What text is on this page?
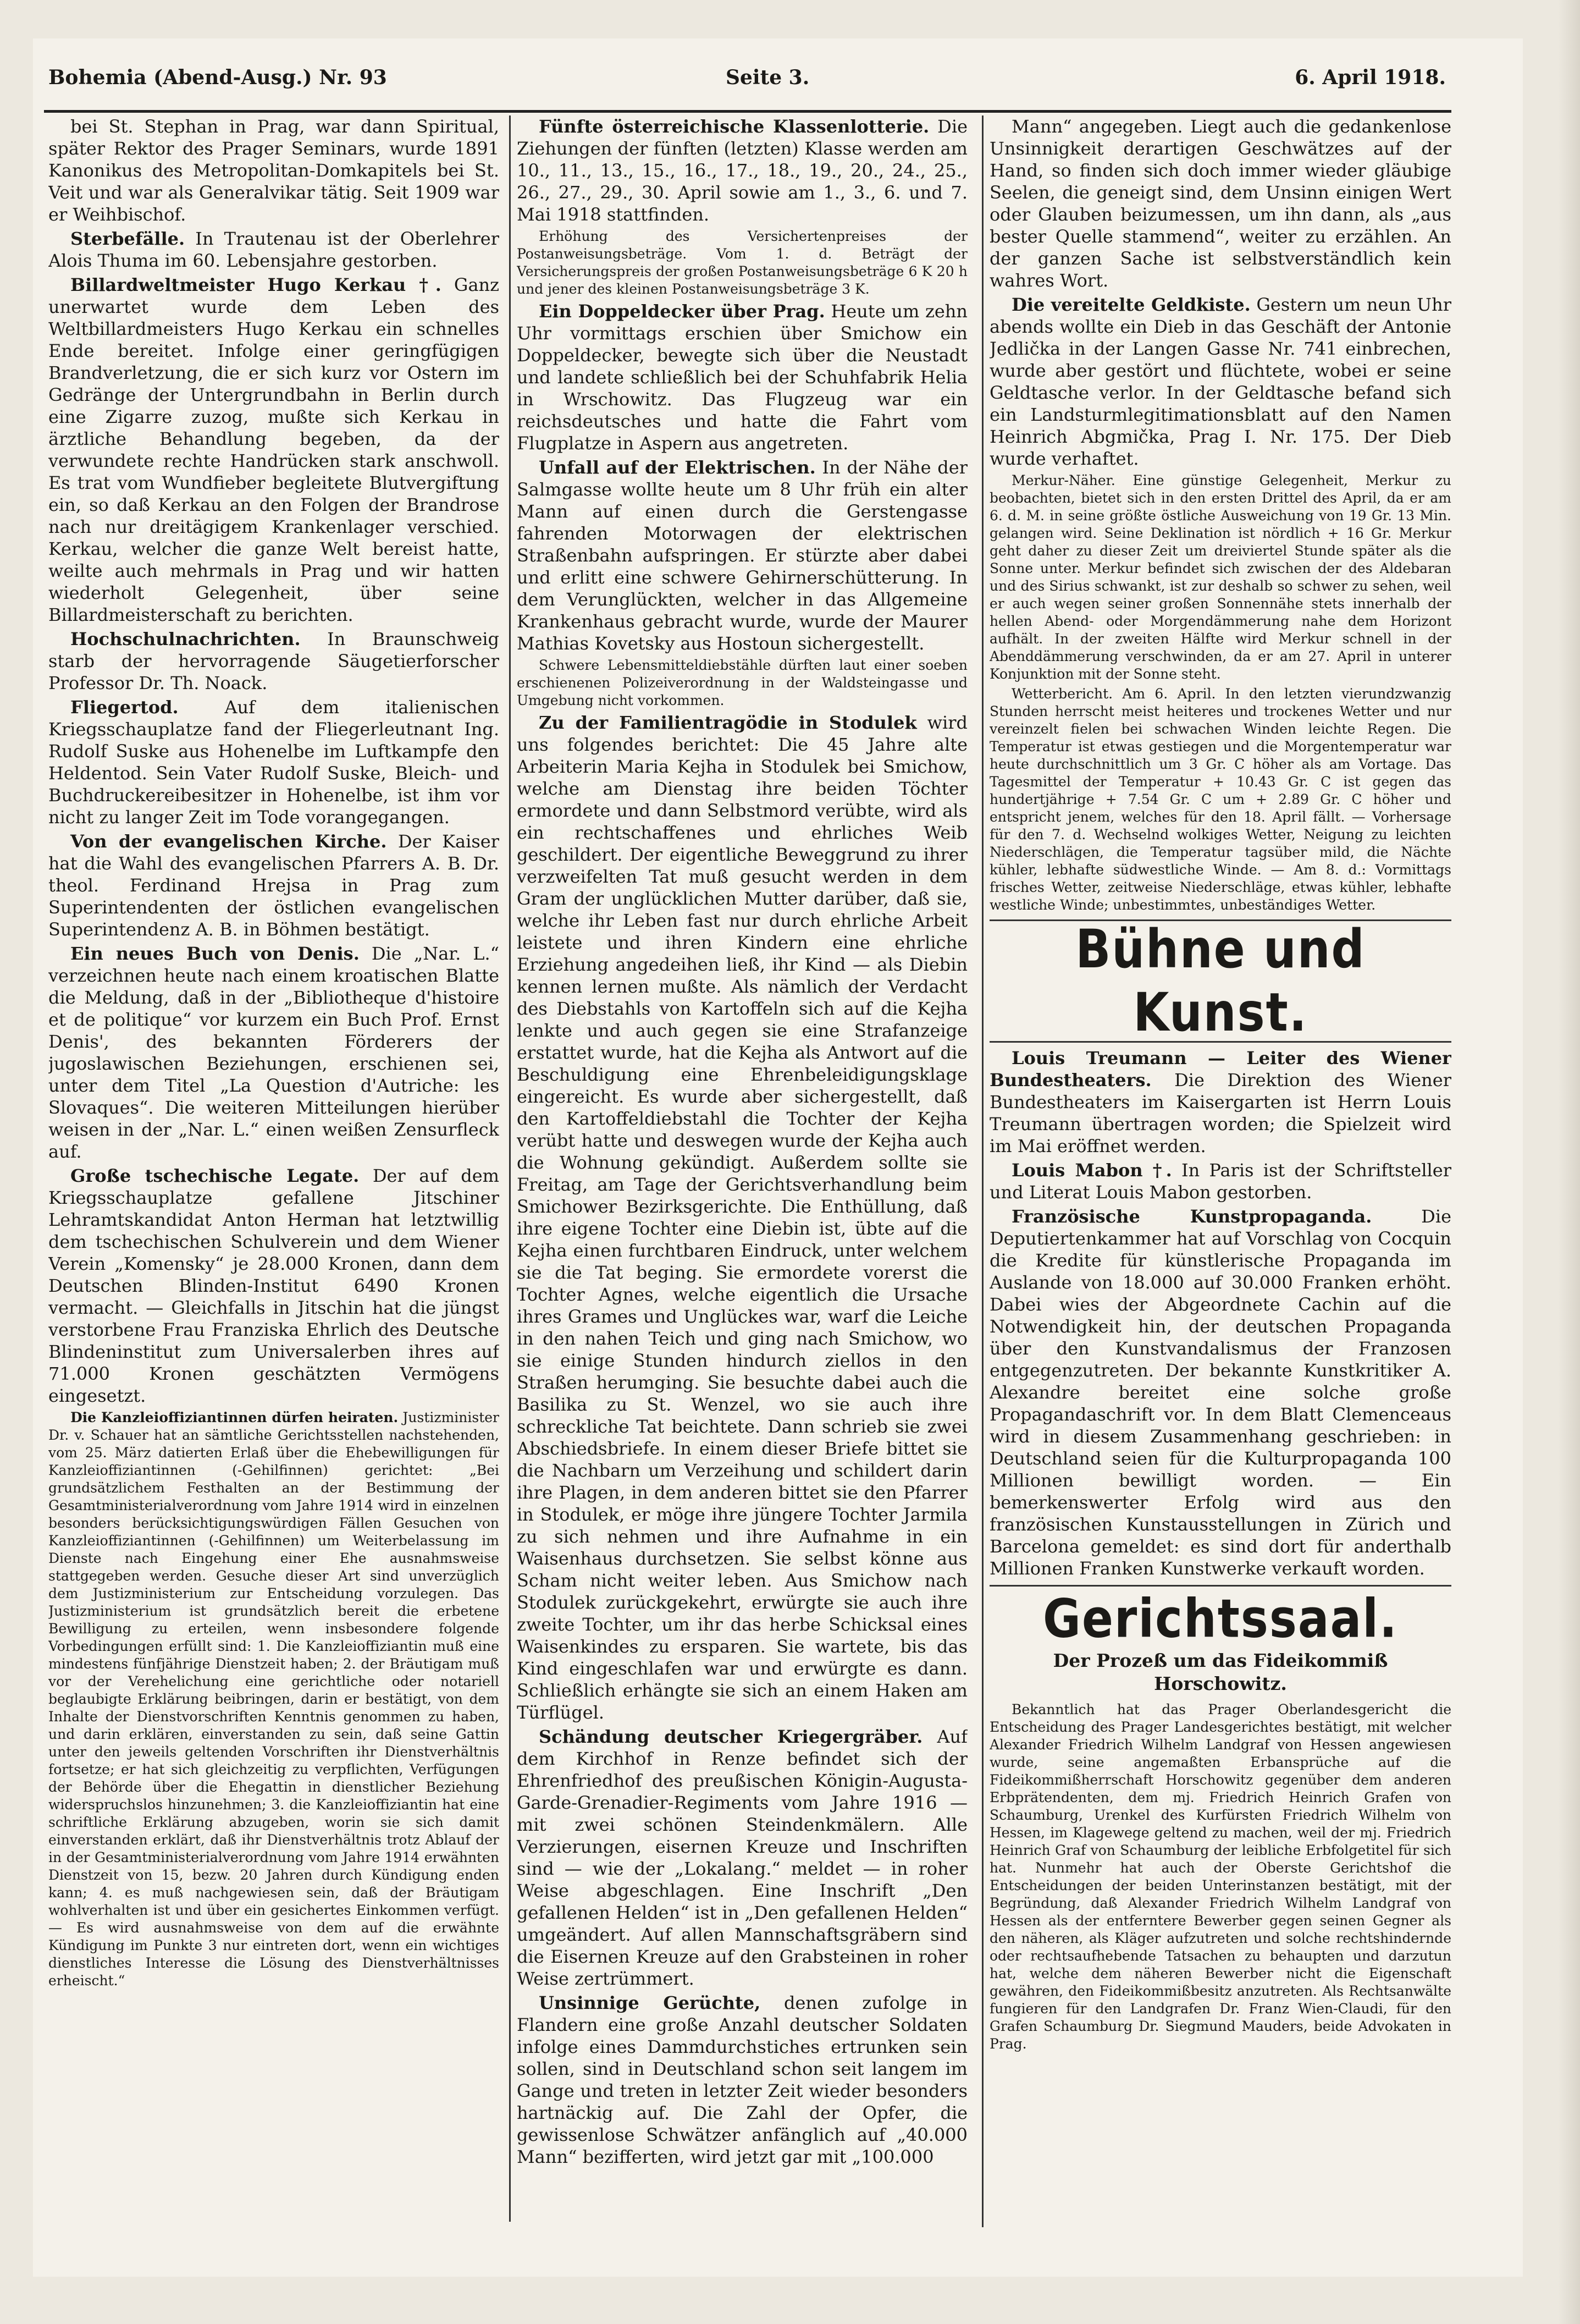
Bohemia (Abend-Ausg.) Nr. 93	Seite 3.	6. April 1918.

bei St. Stephan in Prag, war dann Spiritual, später Rektor des Prager Seminars, wurde 1891 Kanonikus des Metropolitan-Domkapitels bei St. Veit und war als Generalvikar tätig. Seit 1909 war er Weihbischof.

Sterbefälle. In Trautenau ist der Oberlehrer Alois Thuma im 60. Lebensjahre gestorben.

Billardweltmeister Hugo Kerkau †. Ganz unerwartet wurde dem Leben des Weltbillardmeisters Hugo Kerkau ein schnelles Ende bereitet. Infolge einer geringfügigen Brandverletzung, die er sich kurz vor Ostern im Gedränge der Untergrundbahn in Berlin durch eine Zigarre zuzog, mußte sich Kerkau in ärztliche Behandlung begeben, da der verwundete rechte Handrücken stark anschwoll. Es trat vom Wundfieber begleitete Blutvergiftung ein, so daß Kerkau an den Folgen der Brandrose nach nur dreitägigem Krankenlager verschied. Kerkau, welcher die ganze Welt bereist hatte, weilte auch mehrmals in Prag und wir hatten wiederholt Gelegenheit, über seine Billardmeisterschaft zu berichten.

Hochschulnachrichten. In Braunschweig starb der hervorragende Säugetierforscher Professor Dr. Th. Noack.

Fliegertod.	Auf dem italienischen Kriegsschauplatze fand der Fliegerleutnant Ing. Rudolf Suske aus Hohenelbe im Luftkampfe den Heldentod. Sein Vater Rudolf Suske, Bleich- und Buchdruckereibesitzer in Hohenelbe, ist ihm vor nicht zu langer Zeit im Tode vorangegangen.

Von der evangelischen Kirche. Der Kaiser hat die Wahl des evangelischen Pfarrers A. B. Dr. theol. Ferdinand Hrejsa in Prag zum Superintendenten der östlichen evangelischen Superintendenz A. B. in Böhmen bestätigt.

Ein neues Buch von Denis. Die „Nar. L.“ verzeichnen heute nach einem kroatischen Blatte die Meldung, daß in der „Bibliotheque d'histoire et de politique“ vor kurzem ein Buch Prof. Ernst Denis', des bekannten Förderers der jugoslawischen Beziehungen, erschienen sei, unter dem Titel „La Question d'Autriche: les Slovaques“. Die weiteren Mitteilungen hierüber weisen in der „Nar. L.“ einen weißen Zensurfleck auf.

Große tschechische Legate. Der auf dem Kriegsschauplatze gefallene Jitschiner Lehramtskandidat Anton Herman hat letztwillig dem tschechischen Schulverein und dem Wiener Verein „Komensky“ je 28.000 Kronen, dann dem Deutschen Blinden-Institut 6490 Kronen vermacht. — Gleichfalls in Jitschin hat die jüngst verstorbene Frau Franziska Ehrlich des Deutsche Blindeninstitut zum Universalerben ihres auf 71.000 Kronen geschätzten Vermögens eingesetzt.

Die Kanzleioffiziantinnen dürfen heiraten. Justizminister Dr. v. Schauer hat an sämtliche Gerichtsstellen nachstehenden, vom 25. März datierten Erlaß über die Ehebewilligungen für Kanzleioffiziantinnen (-Gehilfinnen) gerichtet: „Bei grundsätzlichem Festhalten an der Bestimmung der Gesamtministerialverordnung vom Jahre 1914 wird in einzelnen besonders berücksichtigungswürdigen Fällen Gesuchen von Kanzleioffiziantinnen (-Gehilfinnen) um Weiterbelassung im Dienste nach Eingehung einer Ehe ausnahmsweise stattgegeben werden. Gesuche dieser Art sind unverzüglich dem Justizministerium zur Entscheidung vorzulegen. Das Justizministerium ist grundsätzlich bereit die erbetene Bewilligung zu erteilen, wenn insbesondere folgende Vorbedingungen erfüllt sind: 1. Die Kanzleioffiziantin muß eine mindestens fünfjährige Dienstzeit haben; 2. der Bräutigam muß vor der Verehelichung eine gerichtliche oder notariell beglaubigte Erklärung beibringen, darin er bestätigt, von dem Inhalte der Dienstvorschriften Kenntnis genommen zu haben, und darin erklären, einverstanden zu sein, daß seine Gattin unter den jeweils geltenden Vorschriften ihr Dienstverhältnis fortsetze; er hat sich gleichzeitig zu verpflichten, Verfügungen der Behörde über die Ehegattin in dienstlicher Beziehung widerspruchslos hinzunehmen; 3. die Kanzleioffiziantin hat eine schriftliche Erklärung abzugeben, worin sie sich damit einverstanden erklärt, daß ihr Dienstverhältnis trotz Ablauf der in der Gesamtministerialverordnung vom Jahre 1914 erwähnten Dienstzeit von 15, bezw. 20 Jahren durch Kündigung enden kann; 4. es muß nachgewiesen sein, daß der Bräutigam wohlverhalten ist und über ein gesichertes Einkommen verfügt. — Es wird ausnahmsweise von dem auf die erwähnte Kündigung im Punkte 3 nur eintreten dort, wenn ein wichtiges dienstliches Interesse die Lösung des Dienstverhältnisses erheischt.“

Fünfte österreichische Klassenlotterie. Die Ziehungen der fünften (letzten) Klasse werden am 10., 11., 13., 15., 16., 17., 18., 19., 20., 24., 25., 26., 27., 29., 30. April sowie am 1., 3., 6. und 7. Mai 1918 stattfinden.

Erhöhung des Versichertenpreises der Postanweisungsbeträge. Vom 1. d. Beträgt der Versicherungspreis der großen Postanweisungsbeträge 6 K 20 h und jener des kleinen Postanweisungsbeträge 3 K.

Ein Doppeldecker über Prag. Heute um zehn Uhr vormittags erschien über Smichow ein Doppeldecker, bewegte sich über die Neustadt und landete schließlich bei der Schuhfabrik Helia in Wrschowitz. Das Flugzeug war ein reichsdeutsches und hatte die Fahrt vom Flugplatze in Aspern aus angetreten.

Unfall auf der Elektrischen. In der Nähe der Salmgasse wollte heute um 8 Uhr früh ein alter Mann auf einen durch die Gerstengasse fahrenden Motorwagen der elektrischen Straßenbahn aufspringen. Er stürzte aber dabei und erlitt eine schwere Gehirnerschütterung. In dem Verunglückten, welcher in das Allgemeine Krankenhaus gebracht wurde, wurde der Maurer Mathias Kovetsky aus Hostoun sichergestellt.

Schwere Lebensmitteldiebstähle dürften laut einer soeben erschienenen Polizeiverordnung in der Waldsteingasse und Umgebung nicht vorkommen.

Zu der Familientragödie in Stodulek wird uns folgendes berichtet: Die 45 Jahre alte Arbeiterin Maria Kejha in Stodulek bei Smichow, welche am Dienstag ihre beiden Töchter ermordete und dann Selbstmord verübte, wird als ein rechtschaffenes und ehrliches Weib geschildert. Der eigentliche Beweggrund zu ihrer verzweifelten Tat muß gesucht werden in dem Gram der unglücklichen Mutter darüber, daß sie, welche ihr Leben fast nur durch ehrliche Arbeit leistete und ihren Kindern eine ehrliche Erziehung angedeihen ließ, ihr Kind — als Diebin kennen lernen mußte. Als nämlich der Verdacht des Diebstahls von Kartoffeln sich auf die Kejha lenkte und auch gegen sie eine Strafanzeige erstattet wurde, hat die Kejha als Antwort auf die Beschuldigung eine Ehrenbeleidigungsklage eingereicht. Es wurde aber sichergestellt, daß den Kartoffeldiebstahl die Tochter der Kejha verübt hatte und deswegen wurde der Kejha auch die Wohnung gekündigt. Außerdem sollte sie Freitag, am Tage der Gerichtsverhandlung beim Smichower Bezirksgerichte. Die Enthüllung, daß ihre eigene Tochter eine Diebin ist, übte auf die Kejha einen furchtbaren Eindruck, unter welchem sie die Tat beging. Sie ermordete vorerst die Tochter Agnes, welche eigentlich die Ursache ihres Grames und Unglückes war, warf die Leiche in den nahen Teich und ging nach Smichow, wo sie einige Stunden hindurch ziellos in den Straßen herumging. Sie besuchte dabei auch die Basilika zu St. Wenzel, wo sie auch ihre schreckliche Tat beichtete. Dann schrieb sie zwei Abschiedsbriefe. In einem dieser Briefe bittet sie die Nachbarn um Verzeihung und schildert darin ihre Plagen, in dem anderen bittet sie den Pfarrer in Stodulek, er möge ihre jüngere Tochter Jarmila zu sich nehmen und ihre Aufnahme in ein Waisenhaus durchsetzen. Sie selbst könne aus Scham nicht weiter leben. Aus Smichow nach Stodulek zurückgekehrt, erwürgte sie auch ihre zweite Tochter, um ihr das herbe Schicksal eines Waisenkindes zu ersparen. Sie wartete, bis das Kind eingeschlafen war und erwürgte es dann. Schließlich erhängte sie sich an einem Haken am Türflügel.

Schändung deutscher Kriegergräber. Auf dem Kirchhof in Renze befindet sich der Ehrenfriedhof des preußischen Königin-Augusta-Garde-Grenadier-Regiments vom Jahre 1916 — mit zwei schönen Steindenkmälern. Alle Verzierungen, eisernen Kreuze und Inschriften sind — wie der „Lokalang.“ meldet — in roher Weise abgeschlagen. Eine Inschrift „Den gefallenen Helden“ ist in „Den gefallenen Helden“ umgeändert. Auf allen Mannschaftsgräbern sind die Eisernen Kreuze auf den Grabsteinen in roher Weise zertrümmert.

Unsinnige Gerüchte, denen zufolge in Flandern eine große Anzahl deutscher Soldaten infolge eines Dammdurchstiches ertrunken sein sollen, sind in Deutschland schon seit langem im Gange und treten in letzter Zeit wieder besonders hartnäckig auf. Die Zahl der Opfer, die gewissenlose Schwätzer anfänglich auf „40.000 Mann“ bezifferten, wird jetzt gar mit „100.000

Mann“ angegeben. Liegt auch die gedankenlose Unsinnigkeit derartigen Geschwätzes auf der Hand, so finden sich doch immer wieder gläubige Seelen, die geneigt sind, dem Unsinn einigen Wert oder Glauben beizumessen, um ihn dann, als „aus bester Quelle stammend“, weiter zu erzählen. An der ganzen Sache ist selbstverständlich kein wahres Wort.

Die vereitelte Geldkiste. Gestern um neun Uhr abends wollte ein Dieb in das Geschäft der Antonie Jedlička in der Langen Gasse Nr. 741 einbrechen, wurde aber gestört und flüchtete, wobei er seine Geldtasche verlor. In der Geldtasche befand sich ein Landsturmlegitimationsblatt auf den Namen Heinrich Abgmička, Prag I. Nr. 175. Der Dieb wurde verhaftet.

Merkur-Näher. Eine günstige Gelegenheit, Merkur zu beobachten, bietet sich in den ersten Drittel des April, da er am 6. d. M. in seine größte östliche Ausweichung von 19 Gr. 13 Min. gelangen wird. Seine Deklination ist nördlich + 16 Gr. Merkur geht daher zu dieser Zeit um dreiviertel Stunde später als die Sonne unter. Merkur befindet sich zwischen der des Aldebaran und des Sirius schwankt, ist zur deshalb so schwer zu sehen, weil er auch wegen seiner großen Sonnennähe stets innerhalb der hellen Abend- oder Morgendämmerung nahe dem Horizont aufhält. In der zweiten Hälfte wird Merkur schnell in der Abenddämmerung verschwinden, da er am 27. April in unterer Konjunktion mit der Sonne steht.

Wetterbericht. Am 6. April. In den letzten vierundzwanzig Stunden herrscht meist heiteres und trockenes Wetter und nur vereinzelt fielen bei schwachen Winden leichte Regen. Die Temperatur ist etwas gestiegen und die Morgentemperatur war heute durchschnittlich um 3 Gr. C höher als am Vortage. Das Tagesmittel der Temperatur + 10.43 Gr. C ist gegen das hundertjährige + 7.54 Gr. C um + 2.89 Gr. C höher und entspricht jenem, welches für den 18. April fällt. — Vorhersage für den 7. d. Wechselnd wolkiges Wetter, Neigung zu leichten Niederschlägen, die Temperatur tagsüber mild, die Nächte kühler, lebhafte südwestliche Winde. — Am 8. d.: Vormittags frisches Wetter, zeitweise Niederschläge, etwas kühler, lebhafte westliche Winde; unbestimmtes, unbeständiges Wetter.

Bühne und Kunst.

Louis Treumann — Leiter des Wiener Bundestheaters. Die Direktion des Wiener Bundestheaters im Kaisergarten ist Herrn Louis Treumann übertragen worden; die Spielzeit wird im Mai eröffnet werden.

Louis Mabon †. In Paris ist der Schriftsteller und Literat Louis Mabon gestorben.

Französische Kunstpropaganda.	Die Deputiertenkammer hat auf Vorschlag von Cocquin die Kredite für künstlerische Propaganda im Auslande von 18.000 auf 30.000 Franken erhöht. Dabei wies der Abgeordnete Cachin auf die Notwendigkeit hin, der deutschen Propaganda über den Kunstvandalismus der Franzosen entgegenzutreten. Der bekannte Kunstkritiker A. Alexandre bereitet eine solche große Propagandaschrift vor. In dem Blatt Clemenceaus wird in diesem Zusammenhang geschrieben: in Deutschland seien für die Kulturpropaganda 100 Millionen bewilligt worden. — Ein bemerkenswerter Erfolg wird aus den französischen Kunstausstellungen in Zürich und Barcelona gemeldet: es sind dort für anderthalb Millionen Franken Kunstwerke verkauft worden.

Gerichtssaal.
Der Prozeß um das Fideikommiß Horschowitz.

Bekanntlich hat das Prager Oberlandesgericht die Entscheidung des Prager Landesgerichtes bestätigt, mit welcher Alexander Friedrich Wilhelm Landgraf von Hessen angewiesen wurde, seine angemaßten Erbansprüche auf die Fideikommißherrschaft Horschowitz gegenüber dem anderen Erbprätendenten, dem mj. Friedrich Heinrich Grafen von Schaumburg, Urenkel des Kurfürsten Friedrich Wilhelm von Hessen, im Klagewege geltend zu machen, weil der mj. Friedrich Heinrich Graf von Schaumburg der leibliche Erbfolgetitel für sich hat. Nunmehr hat auch der Oberste Gerichtshof die Entscheidungen der beiden Unterinstanzen bestätigt, mit der Begründung, daß Alexander Friedrich Wilhelm Landgraf von Hessen als der entferntere Bewerber gegen seinen Gegner als den näheren, als Kläger aufzutreten und solche rechtshindernde oder rechtsaufhebende Tatsachen zu behaupten und darzutun hat, welche dem näheren Bewerber nicht die Eigenschaft gewähren, den Fideikommißbesitz anzutreten. Als Rechtsanwälte fungieren für den Landgrafen Dr. Franz Wien-Claudi, für den Grafen Schaumburg Dr. Siegmund Mauders, beide Advokaten in Prag.
